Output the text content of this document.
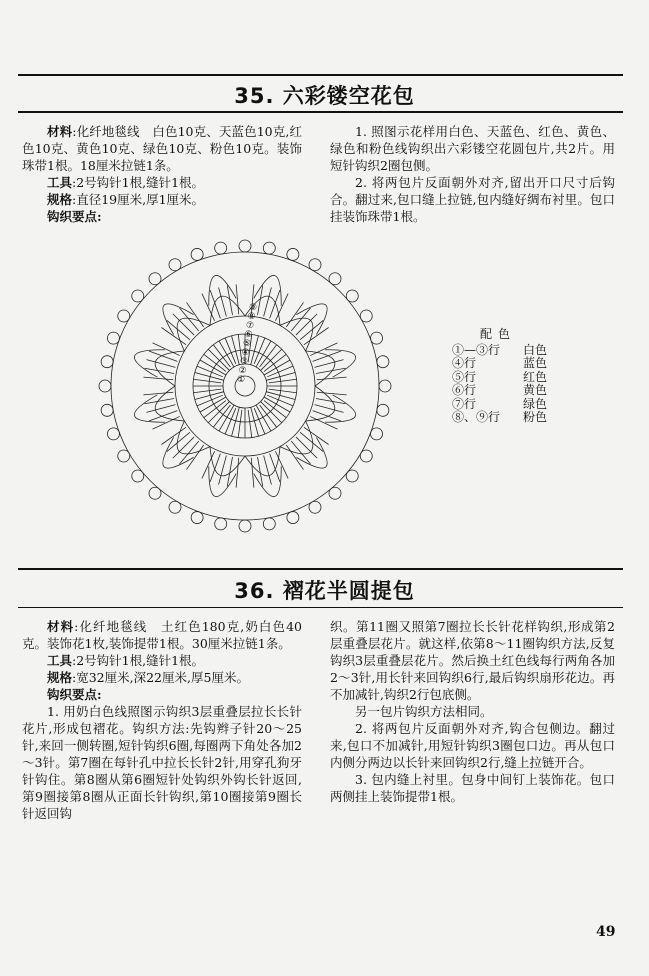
35. 六彩镂空花包

材料:化纤地毯线　白色10克、天蓝色10克,红色10克、黄色10克、绿色10克、粉色10克。装饰珠带1根。18厘米拉链1条。

工具:2号钩针1根,缝针1根。

规格:直径19厘米,厚1厘米。

钩织要点:

1. 照图示花样用白色、天蓝色、红色、黄色、绿色和粉色线钩织出六彩镂空花圆包片,共2片。用短针钩织2圈包侧。

2. 将两包片反面朝外对齐,留出开口尺寸后钩合。翻过来,包口缝上拉链,包内缝好绸布衬里。包口挂装饰珠带1根。

①
②
③
④
⑤
⑥
⑦
⑧
⑨
配色
①—③行	白色
④行	蓝色
⑤行	红色
⑥行	黄色
⑦行	绿色
⑧、⑨行	粉色
36. 褶花半圆提包

材料:化纤地毯线　土红色180克,奶白色40克。装饰花1枚,装饰提带1根。30厘米拉链1条。

工具:2号钩针1根,缝针1根。

规格:宽32厘米,深22厘米,厚5厘米。

钩织要点:

1. 用奶白色线照图示钩织3层重叠层拉长长针花片,形成包褶花。钩织方法:先钩辫子针20～25针,来回一侧转圈,短针钩织6圈,每圈两下角处各加2～3针。第7圈在每针孔中拉长长针2针,用穿孔狗牙针钩住。第8圈从第6圈短针处钩织外钩长针返回,第9圈接第8圈从正面长针钩织,第10圈接第9圈长针返回钩

织。第11圈又照第7圈拉长长针花样钩织,形成第2层重叠层花片。就这样,依第8～11圈钩织方法,反复钩织3层重叠层花片。然后换土红色线每行两角各加2～3针,用长针来回钩织6行,最后钩织扇形花边。再不加减针,钩织2行包底侧。

另一包片钩织方法相同。

2. 将两包片反面朝外对齐,钩合包侧边。翻过来,包口不加减针,用短针钩织3圈包口边。再从包口内侧分两边以长针来回钩织2行,缝上拉链开合。

3. 包内缝上衬里。包身中间钉上装饰花。包口两侧挂上装饰提带1根。

49
